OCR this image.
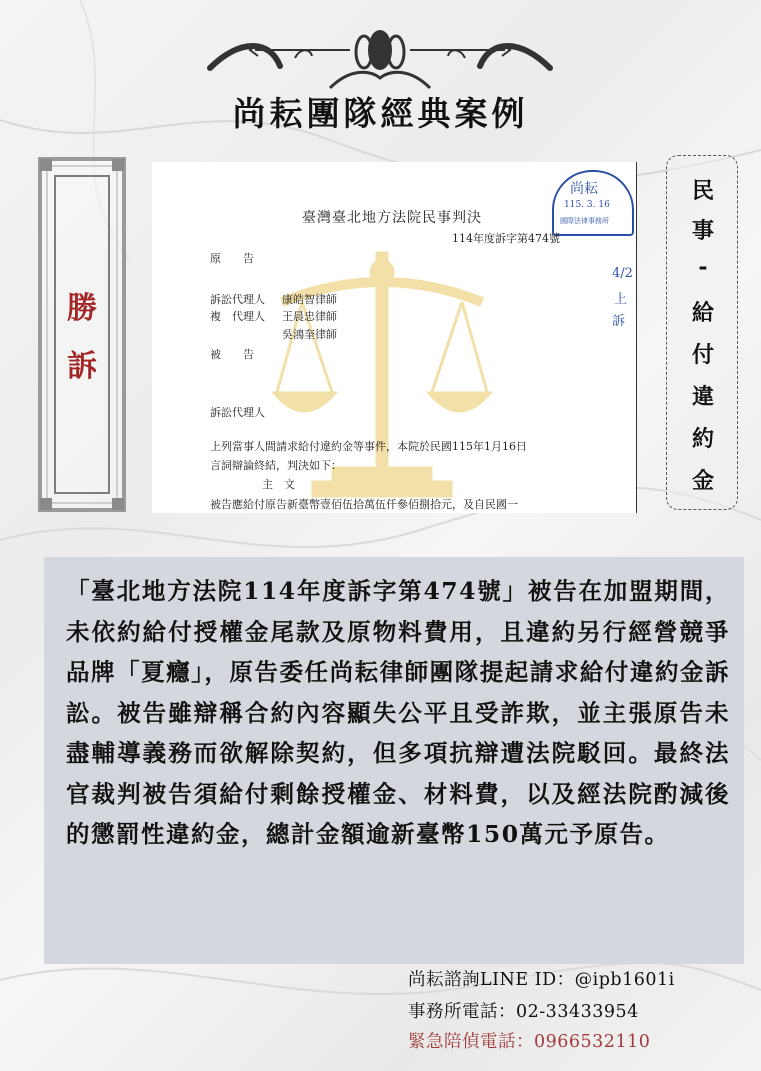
尚耘團隊經典案例
勝
訴
尚耘
115. 3. 16
國際法律事務所
臺灣臺北地方法院民事判決
114年度訴字第474號
4/2
上
訴
原　　告
訴訟代理人 康皓智律師
複　代理人 王晨忠律師
吳鴻奎律師
被　　告
訴訟代理人
上列當事人間請求給付違約金等事件，本院於民國115年1月16日
言詞辯論終結，判決如下：
主　文
被告應給付原告新臺幣壹佰伍拾萬伍仟參佰捌拾元，及自民國一
民
事
-
給
付
違
約
金

「臺北地方法院114年度訴字第474號」被告在加盟期間，未依約給付授權金尾款及原物料費用，且違約另行經營競爭品牌「夏癮」，原告委任尚耘律師團隊提起請求給付違約金訴訟。被告雖辯稱合約內容顯失公平且受詐欺，並主張原告未盡輔導義務而欲解除契約，但多項抗辯遭法院駁回。最終法官裁判被告須給付剩餘授權金、材料費，以及經法院酌減後的懲罰性違約金，總計金額逾新臺幣150萬元予原告。

尚耘諮詢LINE ID：@ipb1601i
事務所電話：02-33433954
緊急陪偵電話：0966532110
